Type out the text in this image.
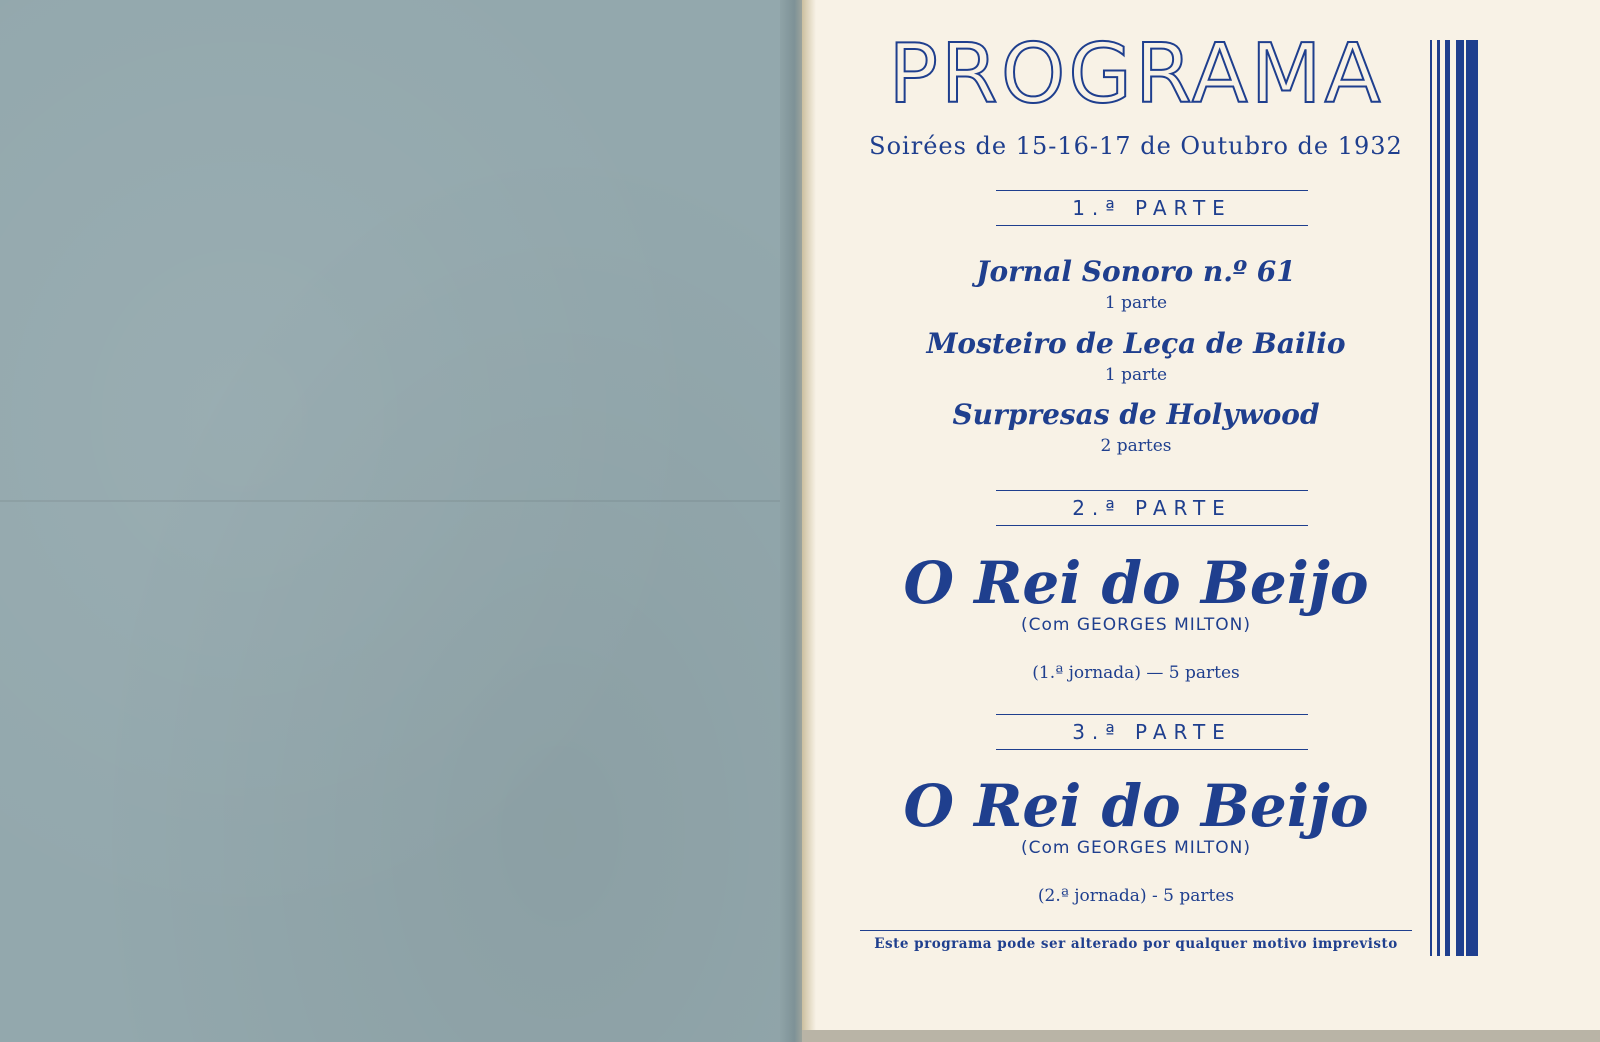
PROGRAMA
Soirées de 15-16-17 de Outubro de 1932
1.ª PARTE
Jornal Sonoro n.º 61
1 parte
Mosteiro de Leça de Bailio
1 parte
Surpresas de Holywood
2 partes
2.ª PARTE
O Rei do Beijo
(Com GEORGES MILTON)
(1.ª jornada) — 5 partes
3.ª PARTE
O Rei do Beijo
(Com GEORGES MILTON)
(2.ª jornada) - 5 partes
Este programa pode ser alterado por qualquer motivo imprevisto
